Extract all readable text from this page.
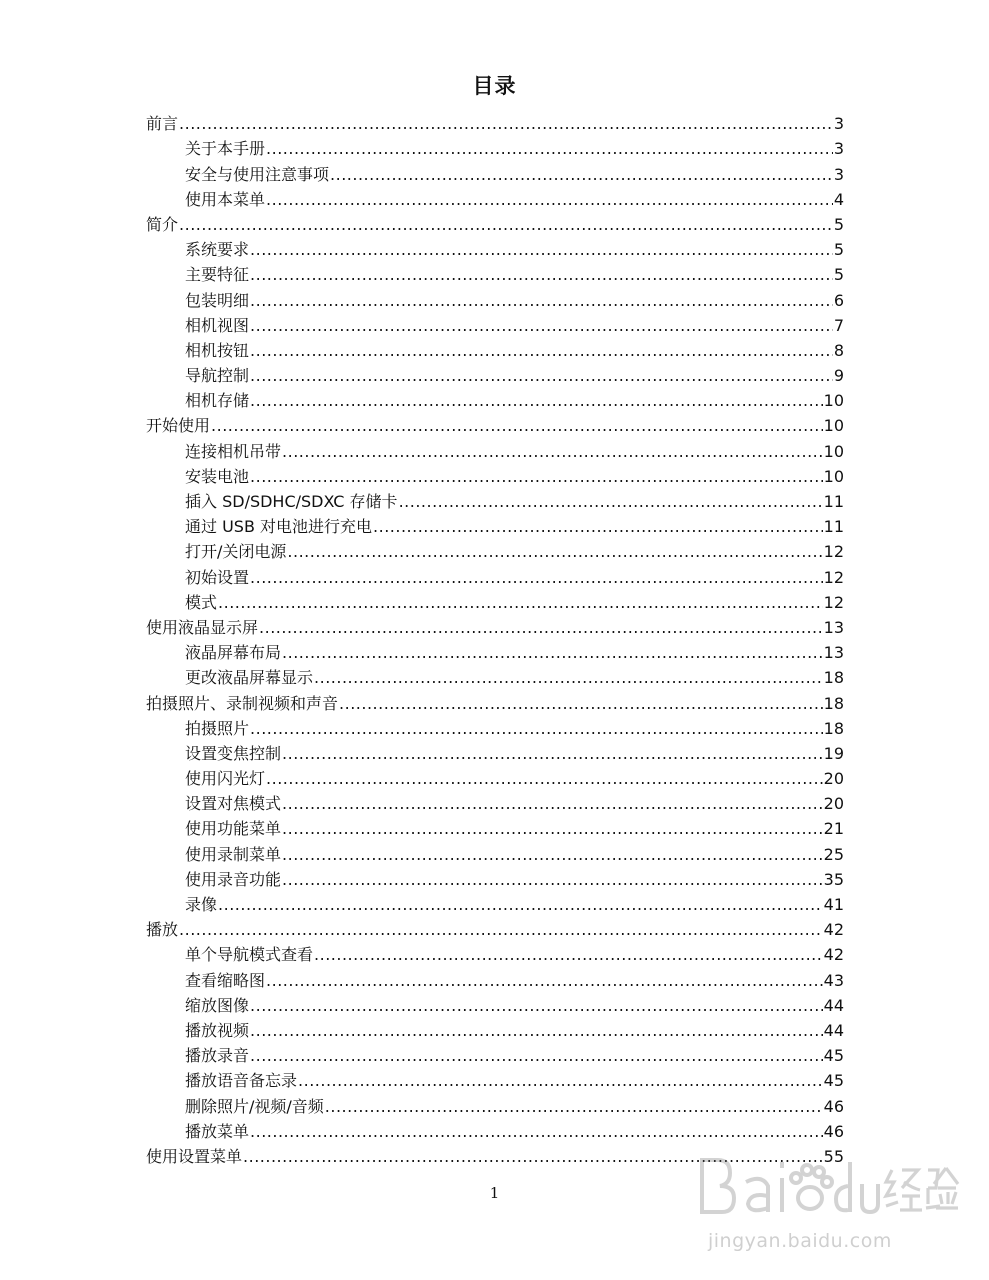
目录
前言 .....	3
关于本手册 .....	3
安全与使用注意事项 .....	3
使用本菜单 .....	4
简介 .....	5
系统要求 .....	5
主要特征 .....	5
包装明细 .....	6
相机视图 .....	7
相机按钮 .....	8
导航控制 .....	9
相机存储 .....	10
开始使用 .....	10
连接相机吊带 .....	10
安装电池 .....	10
插入 SD/SDHC/SDXC 存储卡 .....	11
通过 USB 对电池进行充电 .....	11
打开/关闭电源 .....	12
初始设置 .....	12
模式 .....	12
使用液晶显示屏 .....	13
液晶屏幕布局 .....	13
更改液晶屏幕显示 .....	18
拍摄照片、录制视频和声音 .....	18
拍摄照片 .....	18
设置变焦控制 .....	19
使用闪光灯 .....	20
设置对焦模式 .....	20
使用功能菜单 .....	21
使用录制菜单 .....	25
使用录音功能 .....	35
录像 .....	41
播放 .....	42
单个导航模式查看 .....	42
查看缩略图 .....	43
缩放图像 .....	44
播放视频 .....	44
播放录音 .....	45
播放语音备忘录 .....	45
删除照片/视频/音频 .....	46
播放菜单 .....	46
使用设置菜单 .....	55
1
jingyan.baidu.com
